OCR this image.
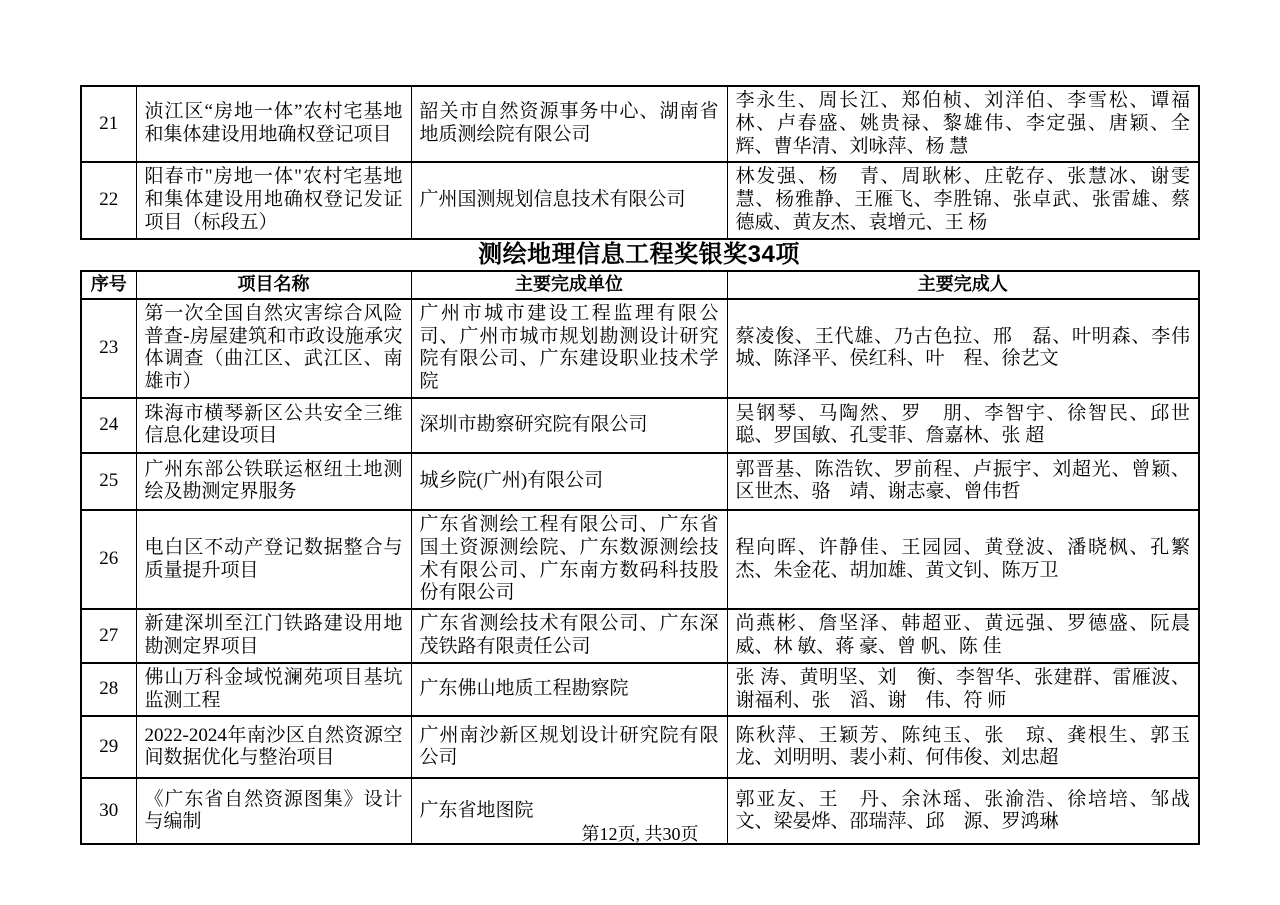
21	浈江区“房地一体”农村宅基地和集体建设用地确权登记项目	韶关市自然资源事务中心、湖南省地质测绘院有限公司	李永生、周长江、郑伯桢、刘洋伯、李雪松、谭福林、卢春盛、姚贵禄、黎雄伟、李定强、唐颖、全 辉、曹华清、刘咏萍、杨 慧
22	阳春市"房地一体"农村宅基地和集体建设用地确权登记发证项目（标段五）	广州国测规划信息技术有限公司	林发强、杨　青、周耿彬、庄乾存、张慧冰、谢雯慧、杨雅静、王雁飞、李胜锦、张卓武、张雷雄、蔡德威、黄友杰、袁增元、王 杨
测绘地理信息工程奖银奖34项
序号	项目名称	主要完成单位	主要完成人
23	第一次全国自然灾害综合风险普查-房屋建筑和市政设施承灾体调查（曲江区、武江区、南雄市）	广州市城市建设工程监理有限公司、广州市城市规划勘测设计研究院有限公司、广东建设职业技术学院	蔡凌俊、王代雄、乃古色拉、邢　磊、叶明森、李伟城、陈泽平、侯红科、叶　程、徐艺文
24	珠海市横琴新区公共安全三维信息化建设项目	深圳市勘察研究院有限公司	吴钢琴、马陶然、罗　朋、李智宇、徐智民、邱世聪、罗国敏、孔雯菲、詹嘉林、张 超
25	广州东部公铁联运枢纽土地测绘及勘测定界服务	城乡院(广州)有限公司	郭晋基、陈浩钦、罗前程、卢振宇、刘超光、曾颖、区世杰、骆　靖、谢志豪、曾伟哲
26	电白区不动产登记数据整合与质量提升项目	广东省测绘工程有限公司、广东省国土资源测绘院、广东数源测绘技术有限公司、广东南方数码科技股份有限公司	程向晖、许静佳、王园园、黄登波、潘晓枫、孔繁杰、朱金花、胡加雄、黄文钊、陈万卫
27	新建深圳至江门铁路建设用地勘测定界项目	广东省测绘技术有限公司、广东深茂铁路有限责任公司	尚燕彬、詹坚泽、韩超亚、黄远强、罗德盛、阮晨威、林 敏、蒋 豪、曾 帆、陈 佳
28	佛山万科金域悦澜苑项目基坑监测工程	广东佛山地质工程勘察院	张 涛、黄明坚、刘　衡、李智华、张建群、雷雁波、谢福利、张　滔、谢　伟、符 师
29	2022-2024年南沙区自然资源空间数据优化与整治项目	广州南沙新区规划设计研究院有限公司	陈秋萍、王颖芳、陈纯玉、张　琼、龚根生、郭玉龙、刘明明、裴小莉、何伟俊、刘忠超
30	《广东省自然资源图集》设计与编制	广东省地图院	郭亚友、王　丹、余沐瑶、张渝浩、徐培培、邹战文、梁晏烨、邵瑞萍、邱　源、罗鸿琳
第12页, 共30页
